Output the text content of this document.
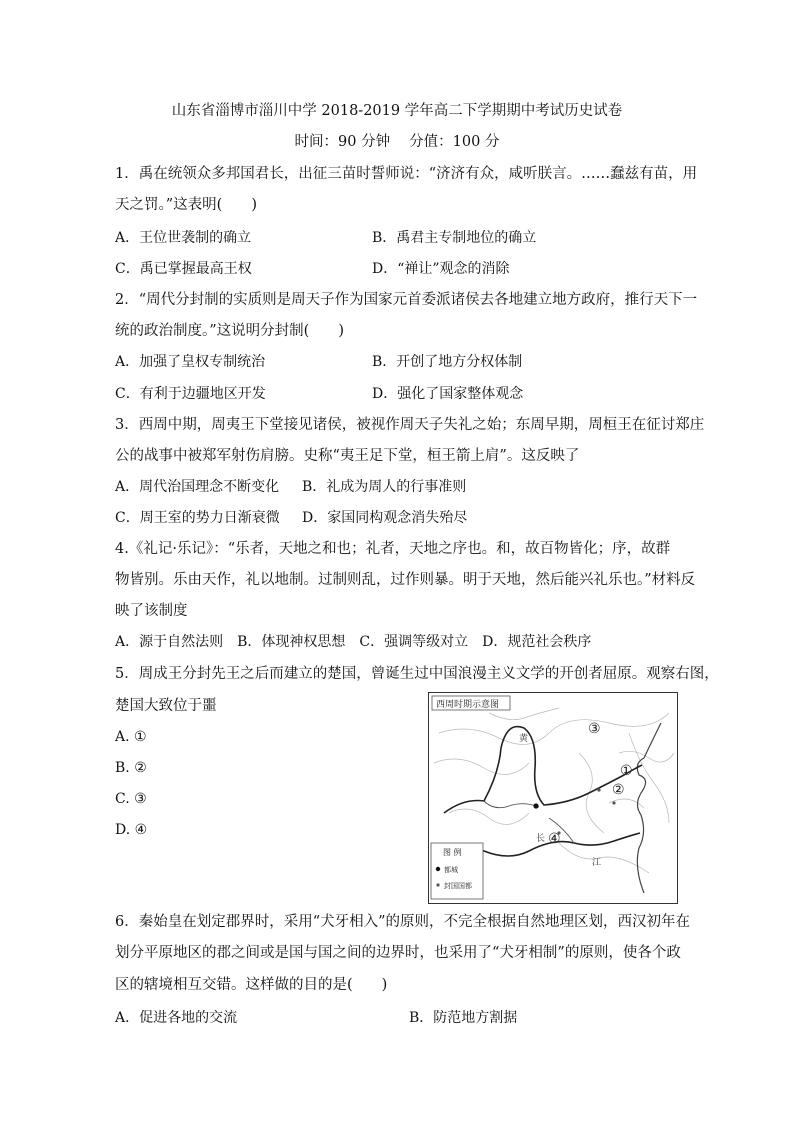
山东省淄博市淄川中学 2018-2019 学年高二下学期期中考试历史试卷
时间：90 分钟　 分值：100 分
1．禹在统领众多邦国君长，出征三苗时誓师说：“济济有众，咸听朕言。……蠢兹有苗，用
天之罚。”这表明(　　)
A．王位世袭制的确立	B．禹君主专制地位的确立
C．禹已掌握最高王权	D．“禅让”观念的消除
2．“周代分封制的实质则是周天子作为国家元首委派诸侯去各地建立地方政府，推行天下一
统的政治制度。”这说明分封制(　　)
A．加强了皇权专制统治	B．开创了地方分权体制
C．有利于边疆地区开发	D．强化了国家整体观念
3．西周中期，周夷王下堂接见诸侯，被视作周天子失礼之始；东周早期，周桓王在征讨郑庄
公的战事中被郑军射伤肩膀。史称“夷王足下堂，桓王箭上肩”。这反映了
A．周代治国理念不断变化 B．礼成为周人的行事准则
C．周王室的势力日渐衰微 D．家国同构观念消失殆尽
4.《礼记·乐记》：“乐者，天地之和也；礼者，天地之序也。和，故百物皆化；序，故群
物皆别。乐由天作，礼以地制。过制则乱，过作则暴。明于天地，然后能兴礼乐也。”材料反
映了该制度
A．源于自然法则　B．体现神权思想　C．强调等级对立　D．规范社会秩序
5．周成王分封先王之后而建立的楚国，曾诞生过中国浪漫主义文学的开创者屈原。观察右图，
楚国大致位于噩
A. ①
B. ②
C. ③
D. ④
西周时期示意图
③
①
②
④
黄
长
江
图 例
都城
封国国都
6．秦始皇在划定郡界时，采用“犬牙相入”的原则，不完全根据自然地理区划，西汉初年在
划分平原地区的郡之间或是国与国之间的边界时，也采用了“犬牙相制”的原则，使各个政
区的辖境相互交错。这样做的目的是(　　)
A．促进各地的交流	B．防范地方割据
